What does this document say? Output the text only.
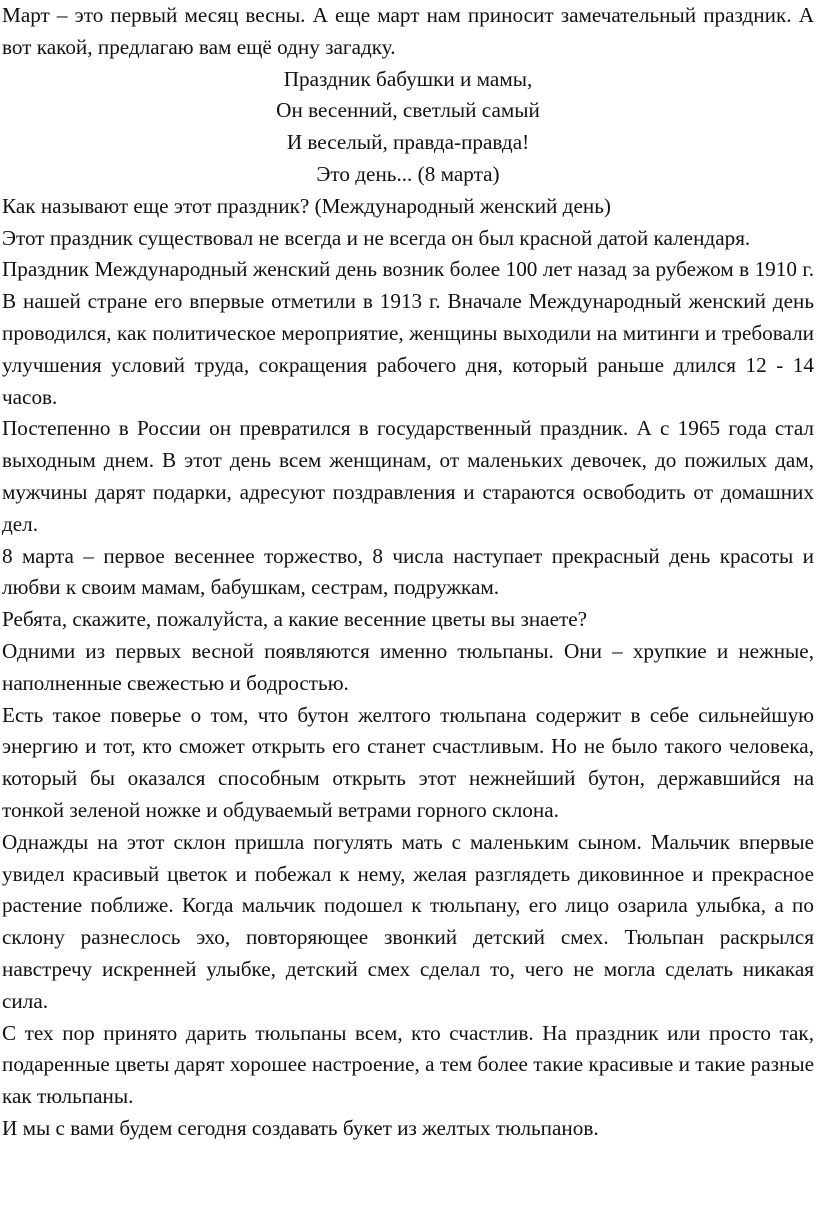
Март – это первый месяц весны. А еще март нам приносит замечательный праздник. А вот какой, предлагаю вам ещё одну загадку.

Праздник бабушки и мамы,
Он весенний, светлый самый
И веселый, правда-правда!
Это день... (8 марта)

Как называют еще этот праздник? (Международный женский день)

Этот праздник существовал не всегда и не всегда он был красной датой календаря.

Праздник Международный женский день возник более 100 лет назад за рубежом в 1910 г. В нашей стране его впервые отметили в 1913 г. Вначале Международный женский день проводился, как политическое мероприятие, женщины выходили на митинги и требовали улучшения условий труда, сокращения рабочего дня, который раньше длился 12 - 14 часов.

Постепенно в России он превратился в государственный праздник. А с 1965 года стал выходным днем. В этот день всем женщинам, от маленьких девочек, до пожилых дам, мужчины дарят подарки, адресуют поздравления и стараются освободить от домашних дел.

8 марта – первое весеннее торжество, 8 числа наступает прекрасный день красоты и любви к своим мамам, бабушкам, сестрам, подружкам.

Ребята, скажите, пожалуйста, а какие весенние цветы вы знаете?

Одними из первых весной появляются именно тюльпаны. Они – хрупкие и нежные, наполненные свежестью и бодростью.

Есть такое поверье о том, что бутон желтого тюльпана содержит в себе сильнейшую энергию и тот, кто сможет открыть его станет счастливым. Но не было такого человека, который бы оказался способным открыть этот нежнейший бутон, державшийся на тонкой зеленой ножке и обдуваемый ветрами горного склона.

Однажды на этот склон пришла погулять мать с маленьким сыном. Мальчик впервые увидел красивый цветок и побежал к нему, желая разглядеть диковинное и прекрасное растение поближе. Когда мальчик подошел к тюльпану, его лицо озарила улыбка, а по склону разнеслось эхо, повторяющее звонкий детский смех. Тюльпан раскрылся навстречу искренней улыбке, детский смех сделал то, чего не могла сделать никакая сила.

С тех пор принято дарить тюльпаны всем, кто счастлив. На праздник или просто так, подаренные цветы дарят хорошее настроение, а тем более такие красивые и такие разные как тюльпаны.

И мы с вами будем сегодня создавать букет из желтых тюльпанов.
